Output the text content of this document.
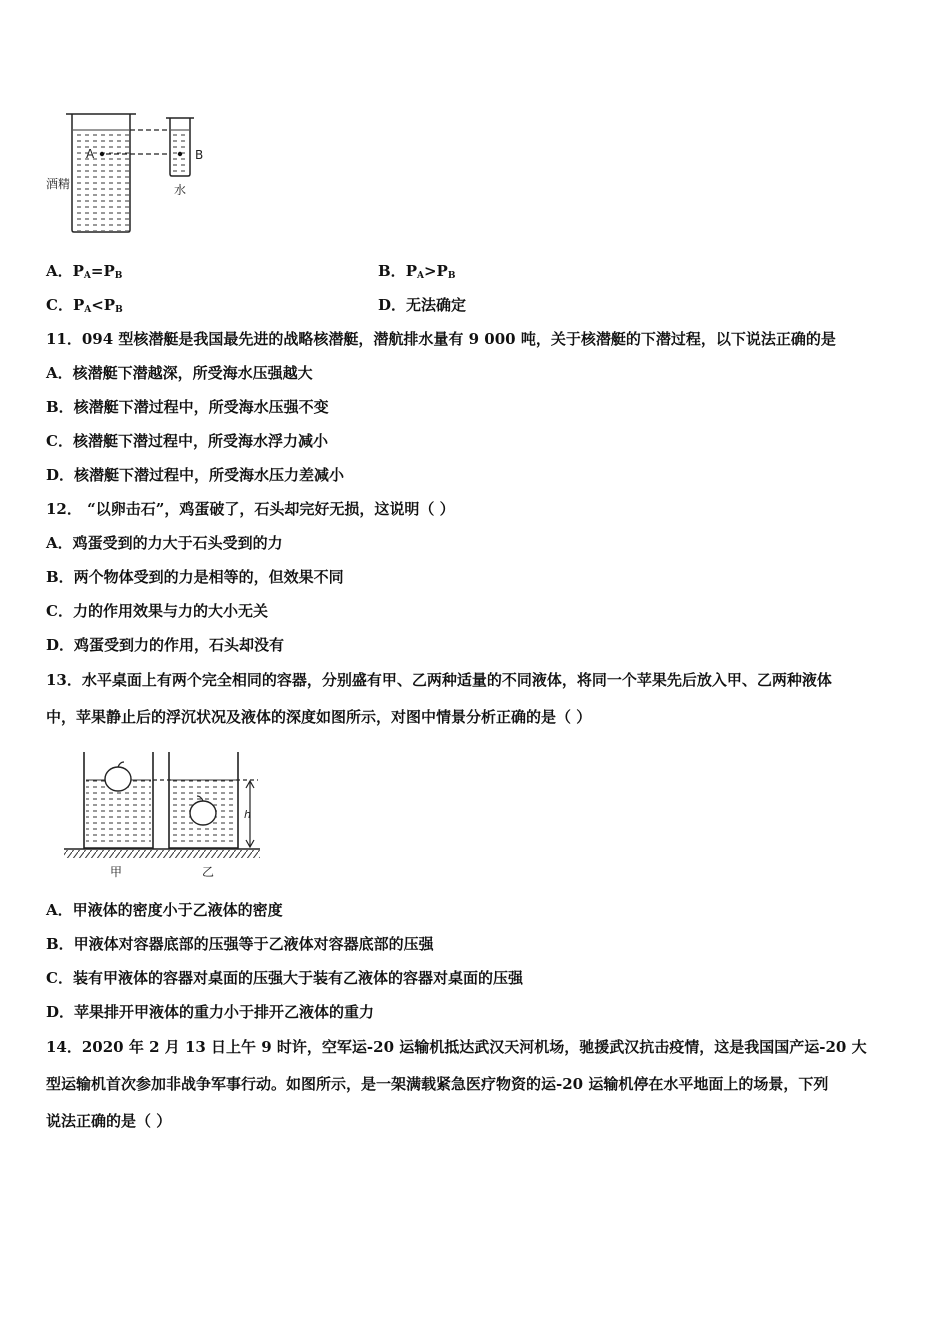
A	B
酒精	水
A．$P_A=P_B$	B．$P_A>P_B$
C．$P_A<P_B$	D．无法确定
11．094 型核潜艇是我国最先进的战略核潜艇，潜航排水量有 9 000 吨，关于核潜艇的下潜过程，以下说法正确的是
A．核潜艇下潜越深，所受海水压强越大
B．核潜艇下潜过程中，所受海水压强不变
C．核潜艇下潜过程中，所受海水浮力减小
D．核潜艇下潜过程中，所受海水压力差减小
12． “以卵击石”，鸡蛋破了，石头却完好无损，这说明（ ）
A．鸡蛋受到的力大于石头受到的力
B．两个物体受到的力是相等的，但效果不同
C．力的作用效果与力的大小无关
D．鸡蛋受到力的作用，石头却没有
13．水平桌面上有两个完全相同的容器，分别盛有甲、乙两种适量的不同液体，将同一个苹果先后放入甲、乙两种液体
中，苹果静止后的浮沉状况及液体的深度如图所示，对图中情景分析正确的是（ ）
h
甲	乙
A．甲液体的密度小于乙液体的密度
B．甲液体对容器底部的压强等于乙液体对容器底部的压强
C．装有甲液体的容器对桌面的压强大于装有乙液体的容器对桌面的压强
D．苹果排开甲液体的重力小于排开乙液体的重力
14．2020 年 2 月 13 日上午 9 时许，空军运-20 运输机抵达武汉天河机场，驰援武汉抗击疫情，这是我国国产运-20 大
型运输机首次参加非战争军事行动。如图所示，是一架满载紧急医疗物资的运-20 运输机停在水平地面上的场景，下列
说法正确的是（ ）
